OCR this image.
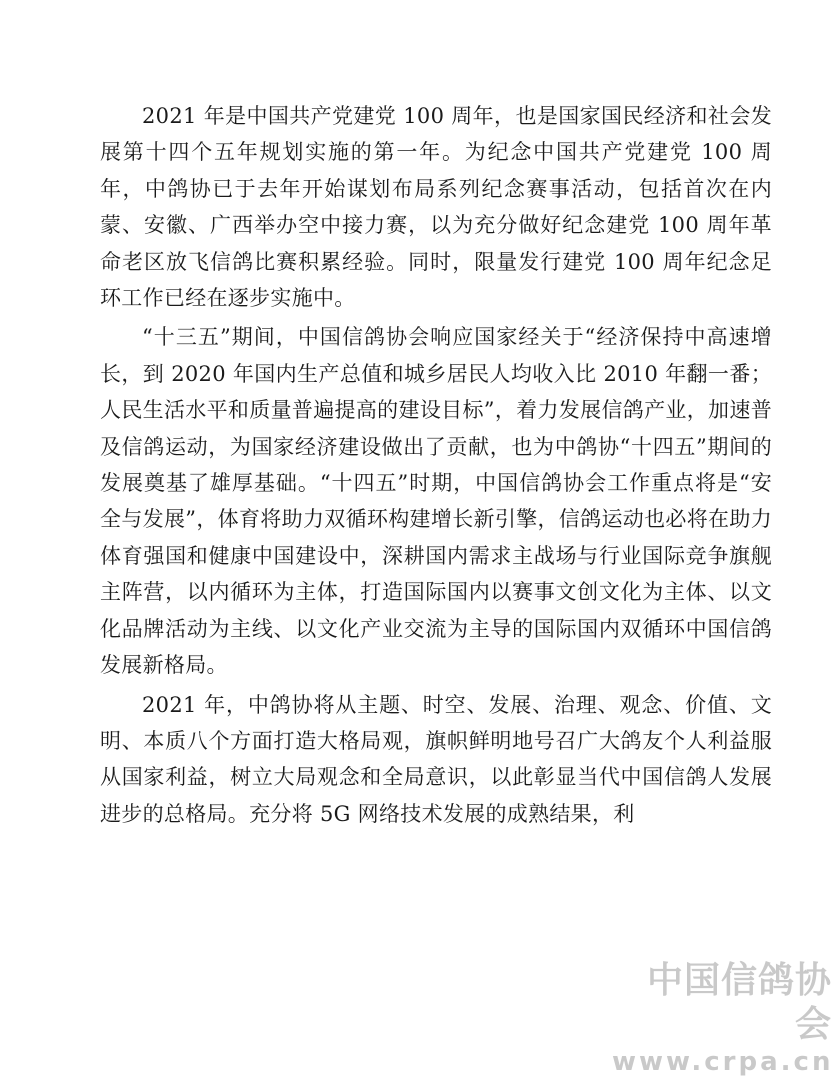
2021 年是中国共产党建党 100 周年，也是国家国民经济和社会发展第十四个五年规划实施的第一年。为纪念中国共产党建党 100 周年，中鸽协已于去年开始谋划布局系列纪念赛事活动，包括首次在内蒙、安徽、广西举办空中接力赛，以为充分做好纪念建党 100 周年革命老区放飞信鸽比赛积累经验。同时，限量发行建党 100 周年纪念足环工作已经在逐步实施中。

“十三五”期间，中国信鸽协会响应国家经关于“经济保持中高速增长，到 2020 年国内生产总值和城乡居民人均收入比 2010 年翻一番；人民生活水平和质量普遍提高的建设目标”，着力发展信鸽产业，加速普及信鸽运动，为国家经济建设做出了贡献，也为中鸽协“十四五”期间的发展奠基了雄厚基础。“十四五”时期，中国信鸽协会工作重点将是“安全与发展”，体育将助力双循环构建增长新引擎，信鸽运动也必将在助力体育强国和健康中国建设中，深耕国内需求主战场与行业国际竞争旗舰主阵营，以内循环为主体，打造国际国内以赛事文创文化为主体、以文化品牌活动为主线、以文化产业交流为主导的国际国内双循环中国信鸽发展新格局。

2021 年，中鸽协将从主题、时空、发展、治理、观念、价值、文明、本质八个方面打造大格局观，旗帜鲜明地号召广大鸽友个人利益服从国家利益，树立大局观念和全局意识，以此彰显当代中国信鸽人发展进步的总格局。充分将 5G 网络技术发展的成熟结果，利

中国信鸽协会
www.crpa.cn
